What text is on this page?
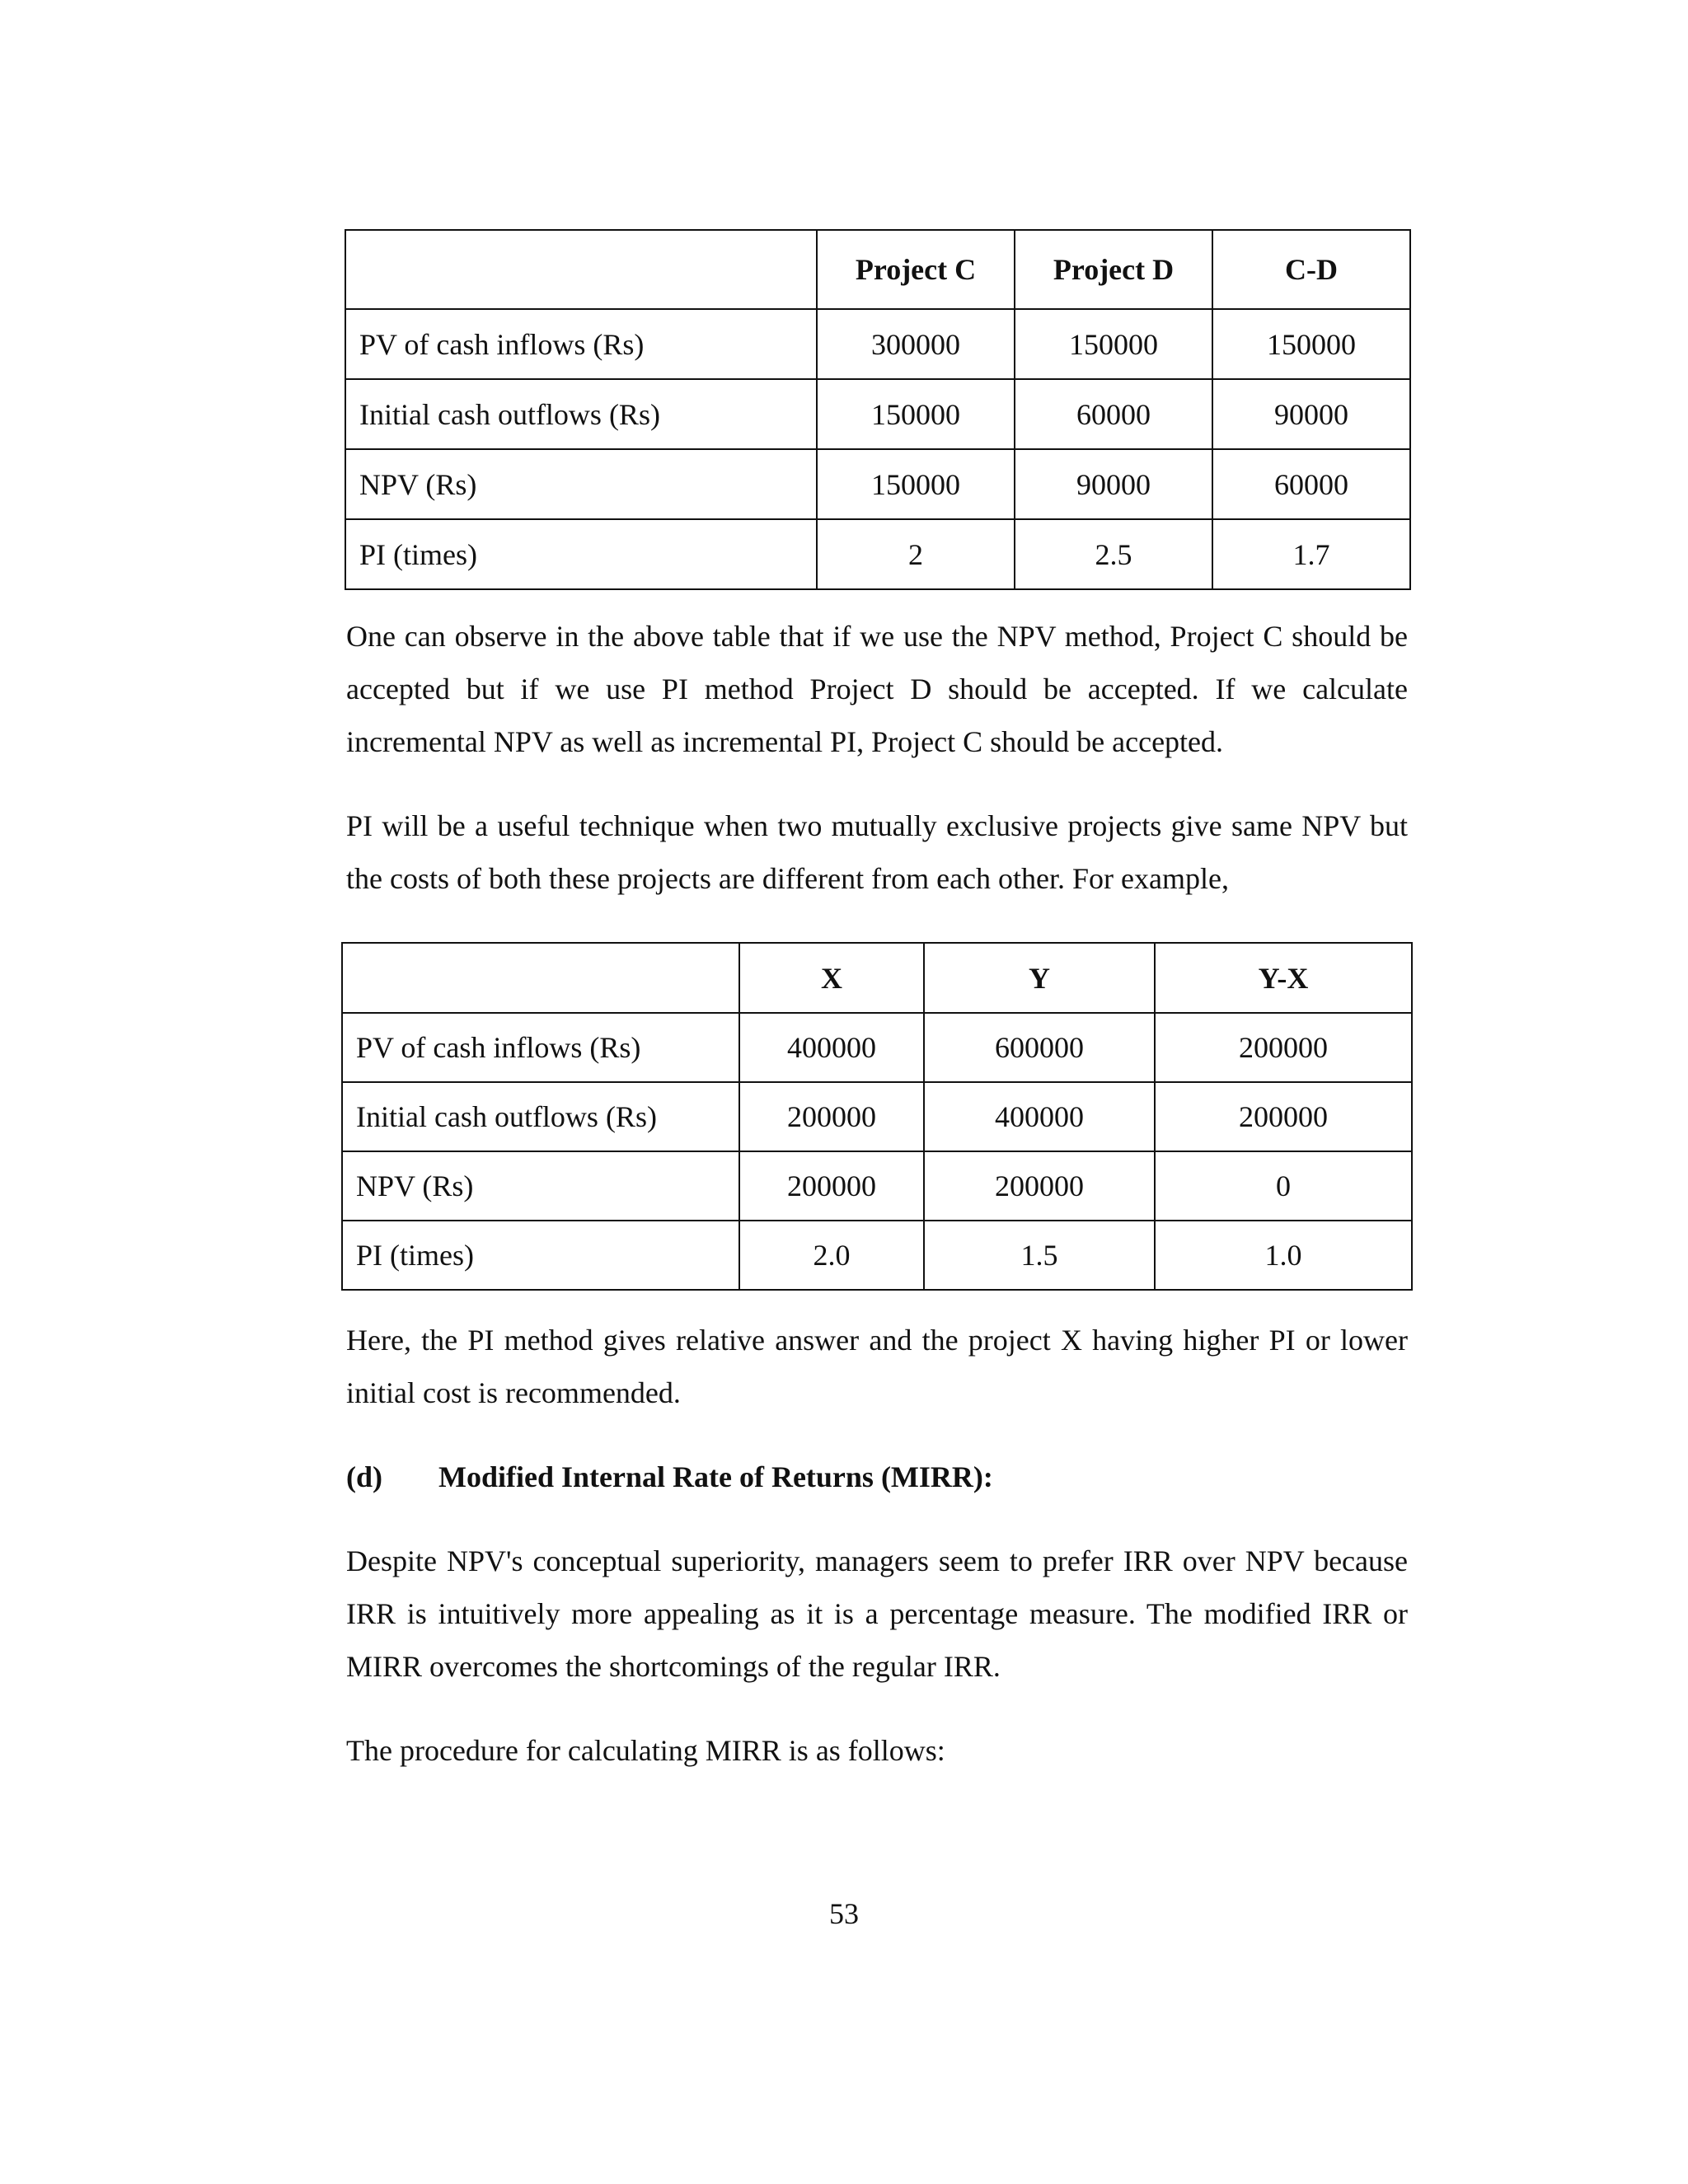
	Project C	Project D	C-D
PV of cash inflows (Rs)	300000	150000	150000
Initial cash outflows (Rs)	150000	60000	90000
NPV (Rs)	150000	90000	60000
PI (times)	2	2.5	1.7

One can observe in the above table that if we use the NPV method, Project C should be accepted but if we use PI method Project D should be accepted. If we calculate incremental NPV as well as incremental PI, Project C should be accepted.

PI will be a useful technique when two mutually exclusive projects give same NPV but the costs of both these projects are different from each other. For example,

	X	Y	Y-X
PV of cash inflows (Rs)	400000	600000	200000
Initial cash outflows (Rs)	200000	400000	200000
NPV (Rs)	200000	200000	0
PI (times)	2.0	1.5	1.0

Here, the PI method gives relative answer and the project X having higher PI or lower initial cost is recommended.

(d) Modified Internal Rate of Returns (MIRR):

Despite NPV's conceptual superiority, managers seem to prefer IRR over NPV because IRR is intuitively more appealing as it is a percentage measure. The modified IRR or MIRR overcomes the shortcomings of the regular IRR.

The procedure for calculating MIRR is as follows:

53
